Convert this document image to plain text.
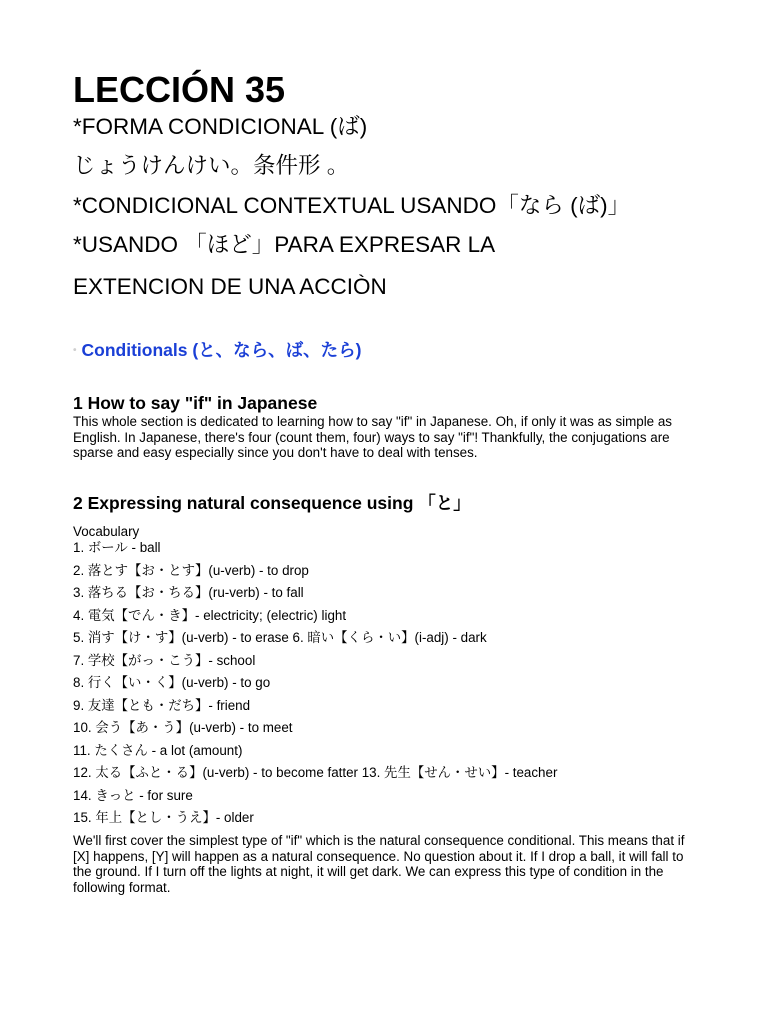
LECCIÓN 35

*FORMA CONDICIONAL (ば)

じょうけんけい。条件形 。

*CONDICIONAL CONTEXTUAL USANDO「なら (ば)」

*USANDO 「ほど」PARA EXPRESAR LA

EXTENCION DE UNA ACCIÒN

• Conditionals (と、なら、ば、たら)
1 How to say "if" in Japanese

This whole section is dedicated to learning how to say "if" in Japanese. Oh, if only it was as simple as English. In Japanese, there's four (count them, four) ways to say "if"! Thankfully, the conjugations are sparse and easy especially since you don't have to deal with tenses.

2 Expressing natural consequence using 「と」
Vocabulary
1. ボール - ball
2. 落とす【お・とす】(u-verb) - to drop
3. 落ちる【お・ちる】(ru-verb) - to fall
4. 電気【でん・き】- electricity; (electric) light
5. 消す【け・す】(u-verb) - to erase 6. 暗い【くら・い】(i-adj) - dark
7. 学校【がっ・こう】- school
8. 行く【い・く】(u-verb) - to go
9. 友達【とも・だち】- friend
10. 会う【あ・う】(u-verb) - to meet
11. たくさん - a lot (amount)
12. 太る【ふと・る】(u-verb) - to become fatter 13. 先生【せん・せい】- teacher
14. きっと - for sure
15. 年上【とし・うえ】- older

We'll first cover the simplest type of "if" which is the natural consequence conditional. This means that if [X] happens, [Y] will happen as a natural consequence. No question about it. If I drop a ball, it will fall to the ground. If I turn off the lights at night, it will get dark. We can express this type of condition in the following format.
